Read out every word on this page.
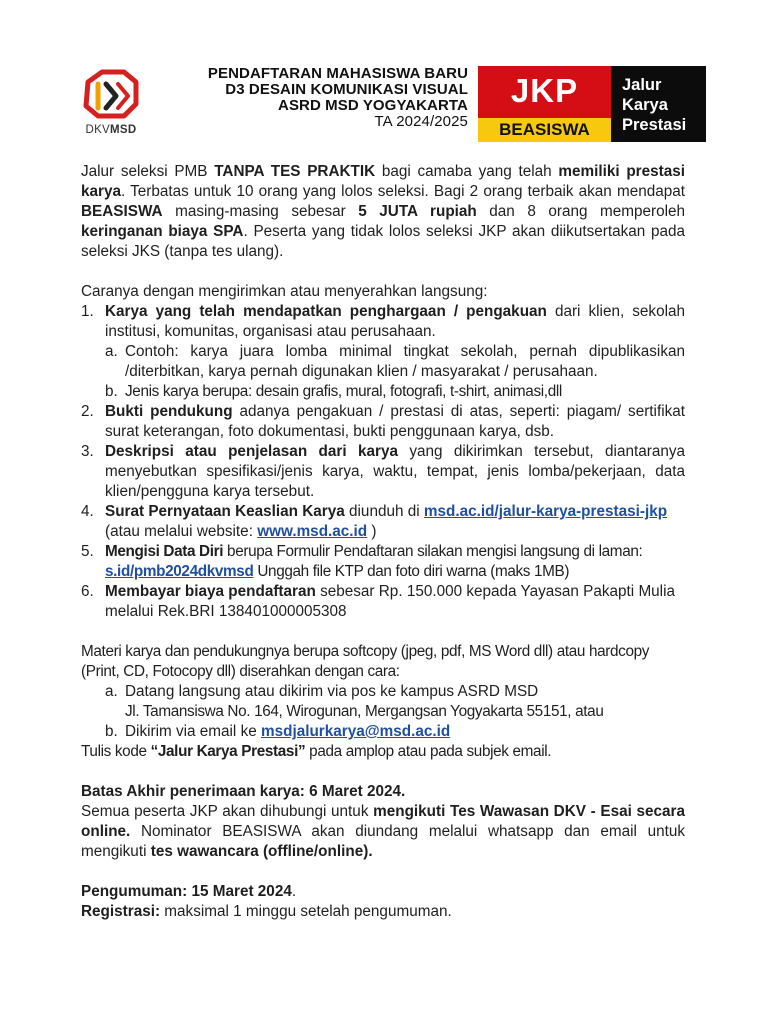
DKVMSD
PENDAFTARAN MAHASISWA BARU
D3 DESAIN KOMUNIKASI VISUAL
ASRD MSD YOGYAKARTA
TA 2024/2025
JKP
BEASISWA
Jalur
Karya
Prestasi

Jalur seleksi PMB TANPA TES PRAKTIK bagi camaba yang telah memiliki prestasi karya. Terbatas untuk 10 orang yang lolos seleksi. Bagi 2 orang terbaik akan mendapat BEASISWA masing-masing sebesar 5 JUTA rupiah dan 8 orang memperoleh keringanan biaya SPA. Peserta yang tidak lolos seleksi JKP akan diikutsertakan pada seleksi JKS (tanpa tes ulang).

Caranya dengan mengirimkan atau menyerahkan langsung:

1. Karya yang telah mendapatkan penghargaan / pengakuan dari klien, sekolah institusi, komunitas, organisasi atau perusahaan.
a. Contoh: karya juara lomba minimal tingkat sekolah, pernah dipublikasikan /diterbitkan, karya pernah digunakan klien / masyarakat / perusahaan.
b. Jenis karya berupa: desain grafis, mural, fotografi, t-shirt, animasi,dll
2. Bukti pendukung adanya pengakuan / prestasi di atas, seperti: piagam/ sertifikat surat keterangan, foto dokumentasi, bukti penggunaan karya, dsb.
3. Deskripsi atau penjelasan dari karya yang dikirimkan tersebut, diantaranya menyebutkan spesifikasi/jenis karya, waktu, tempat, jenis lomba/pekerjaan, data klien/pengguna karya tersebut.
4. Surat Pernyataan Keaslian Karya diunduh di msd.ac.id/jalur-karya-prestasi-jkp (atau melalui website: www.msd.ac.id )
5. Mengisi Data Diri berupa Formulir Pendaftaran silakan mengisi langsung di laman: s.id/pmb2024dkvmsd Unggah file KTP dan foto diri warna (maks 1MB)
6. Membayar biaya pendaftaran sebesar Rp. 150.000 kepada Yayasan Pakapti Mulia melalui Rek.BRI 138401000005308

Materi karya dan pendukungnya berupa softcopy (jpeg, pdf, MS Word dll) atau hardcopy (Print, CD, Fotocopy dll) diserahkan dengan cara:

a. Datang langsung atau dikirim via pos ke kampus ASRD MSD
Jl. Tamansiswa No. 164, Wirogunan, Mergangsan Yogyakarta 55151, atau
b. Dikirim via email ke msdjalurkarya@msd.ac.id

Tulis kode “Jalur Karya Prestasi” pada amplop atau pada subjek email.

Batas Akhir penerimaan karya: 6 Maret 2024.

Semua peserta JKP akan dihubungi untuk mengikuti Tes Wawasan DKV - Esai secara online. Nominator BEASISWA akan diundang melalui whatsapp dan email untuk mengikuti tes wawancara (offline/online).

Pengumuman: 15 Maret 2024.

Registrasi: maksimal 1 minggu setelah pengumuman.
